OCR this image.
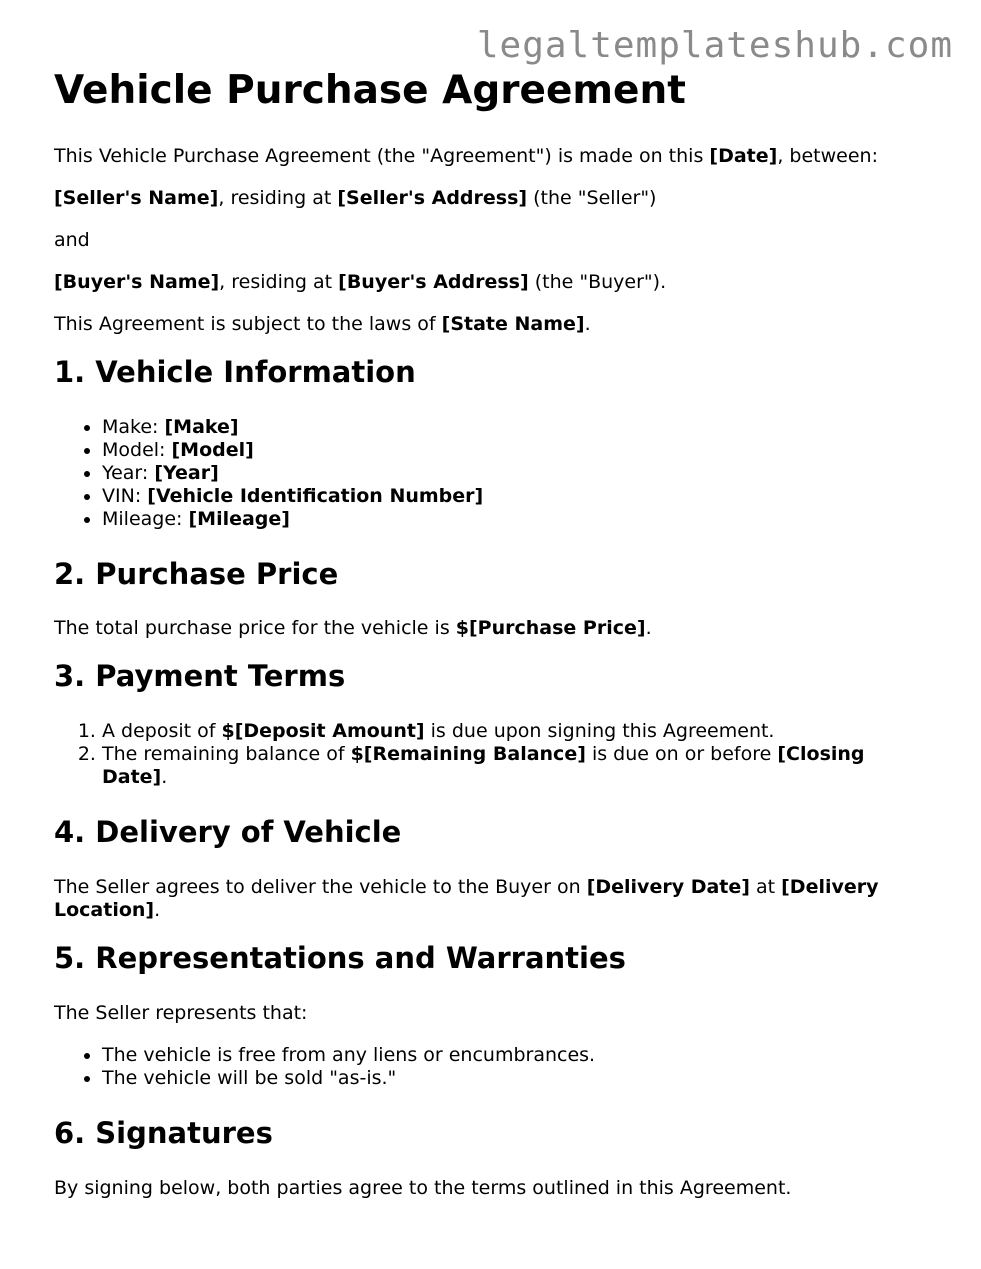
legaltemplateshub.com
Vehicle Purchase Agreement

This Vehicle Purchase Agreement (the "Agreement") is made on this [Date], between:

[Seller's Name], residing at [Seller's Address] (the "Seller")

and

[Buyer's Name], residing at [Buyer's Address] (the "Buyer").

This Agreement is subject to the laws of [State Name].

1. Vehicle Information
• Make: [Make]
• Model: [Model]
• Year: [Year]
• VIN: [Vehicle Identification Number]
• Mileage: [Mileage]
2. Purchase Price

The total purchase price for the vehicle is $[Purchase Price].

3. Payment Terms
1. A deposit of $[Deposit Amount] is due upon signing this Agreement.
2. The remaining balance of $[Remaining Balance] is due on or before [Closing Date].
4. Delivery of Vehicle

The Seller agrees to deliver the vehicle to the Buyer on [Delivery Date] at [Delivery Location].

5. Representations and Warranties

The Seller represents that:

• The vehicle is free from any liens or encumbrances.
• The vehicle will be sold "as-is."
6. Signatures

By signing below, both parties agree to the terms outlined in this Agreement.
